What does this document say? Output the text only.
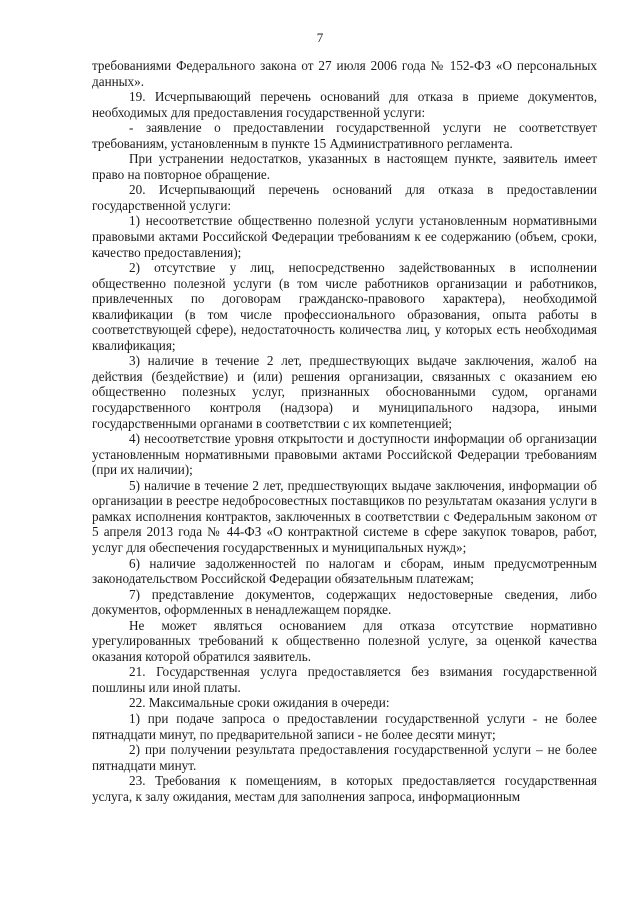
7

требованиями Федерального закона от 27 июля 2006 года № 152-ФЗ «О персональных данных».

19. Исчерпывающий перечень оснований для отказа в приеме документов, необходимых для предоставления государственной услуги:

- заявление о предоставлении государственной услуги не соответствует требованиям, установленным в пункте 15 Административного регламента.

При устранении недостатков, указанных в настоящем пункте, заявитель имеет право на повторное обращение.

20. Исчерпывающий перечень оснований для отказа в предоставлении государственной услуги:

1) несоответствие общественно полезной услуги установленным нормативными правовыми актами Российской Федерации требованиям к ее содержанию (объем, сроки, качество предоставления);

2) отсутствие у лиц, непосредственно задействованных в исполнении общественно полезной услуги (в том числе работников организации и работников, привлеченных по договорам гражданско-правового характера), необходимой квалификации (в том числе профессионального образования, опыта работы в соответствующей сфере), недостаточность количества лиц, у которых есть необходимая квалификация;

3) наличие в течение 2 лет, предшествующих выдаче заключения, жалоб на действия (бездействие) и (или) решения организации, связанных с оказанием ею общественно полезных услуг, признанных обоснованными судом, органами государственного контроля (надзора) и муниципального надзора, иными государственными органами в соответствии с их компетенцией;

4) несоответствие уровня открытости и доступности информации об организации установленным нормативными правовыми актами Российской Федерации требованиям (при их наличии);

5) наличие в течение 2 лет, предшествующих выдаче заключения, информации об организации в реестре недобросовестных поставщиков по результатам оказания услуги в рамках исполнения контрактов, заключенных в соответствии с Федеральным законом от 5 апреля 2013 года № 44-ФЗ «О контрактной системе в сфере закупок товаров, работ, услуг для обеспечения государственных и муниципальных нужд»;

6) наличие задолженностей по налогам и сборам, иным предусмотренным законодательством Российской Федерации обязательным платежам;

7) представление документов, содержащих недостоверные сведения, либо документов, оформленных в ненадлежащем порядке.

Не может являться основанием для отказа отсутствие нормативно урегулированных требований к общественно полезной услуге, за оценкой качества оказания которой обратился заявитель.

21. Государственная услуга предоставляется без взимания государственной пошлины или иной платы.

22. Максимальные сроки ожидания в очереди:

1) при подаче запроса о предоставлении государственной услуги - не более пятнадцати минут, по предварительной записи - не более десяти минут;

2) при получении результата предоставления государственной услуги – не более пятнадцати минут.

23. Требования к помещениям, в которых предоставляется государственная услуга, к залу ожидания, местам для заполнения запроса, информационным
